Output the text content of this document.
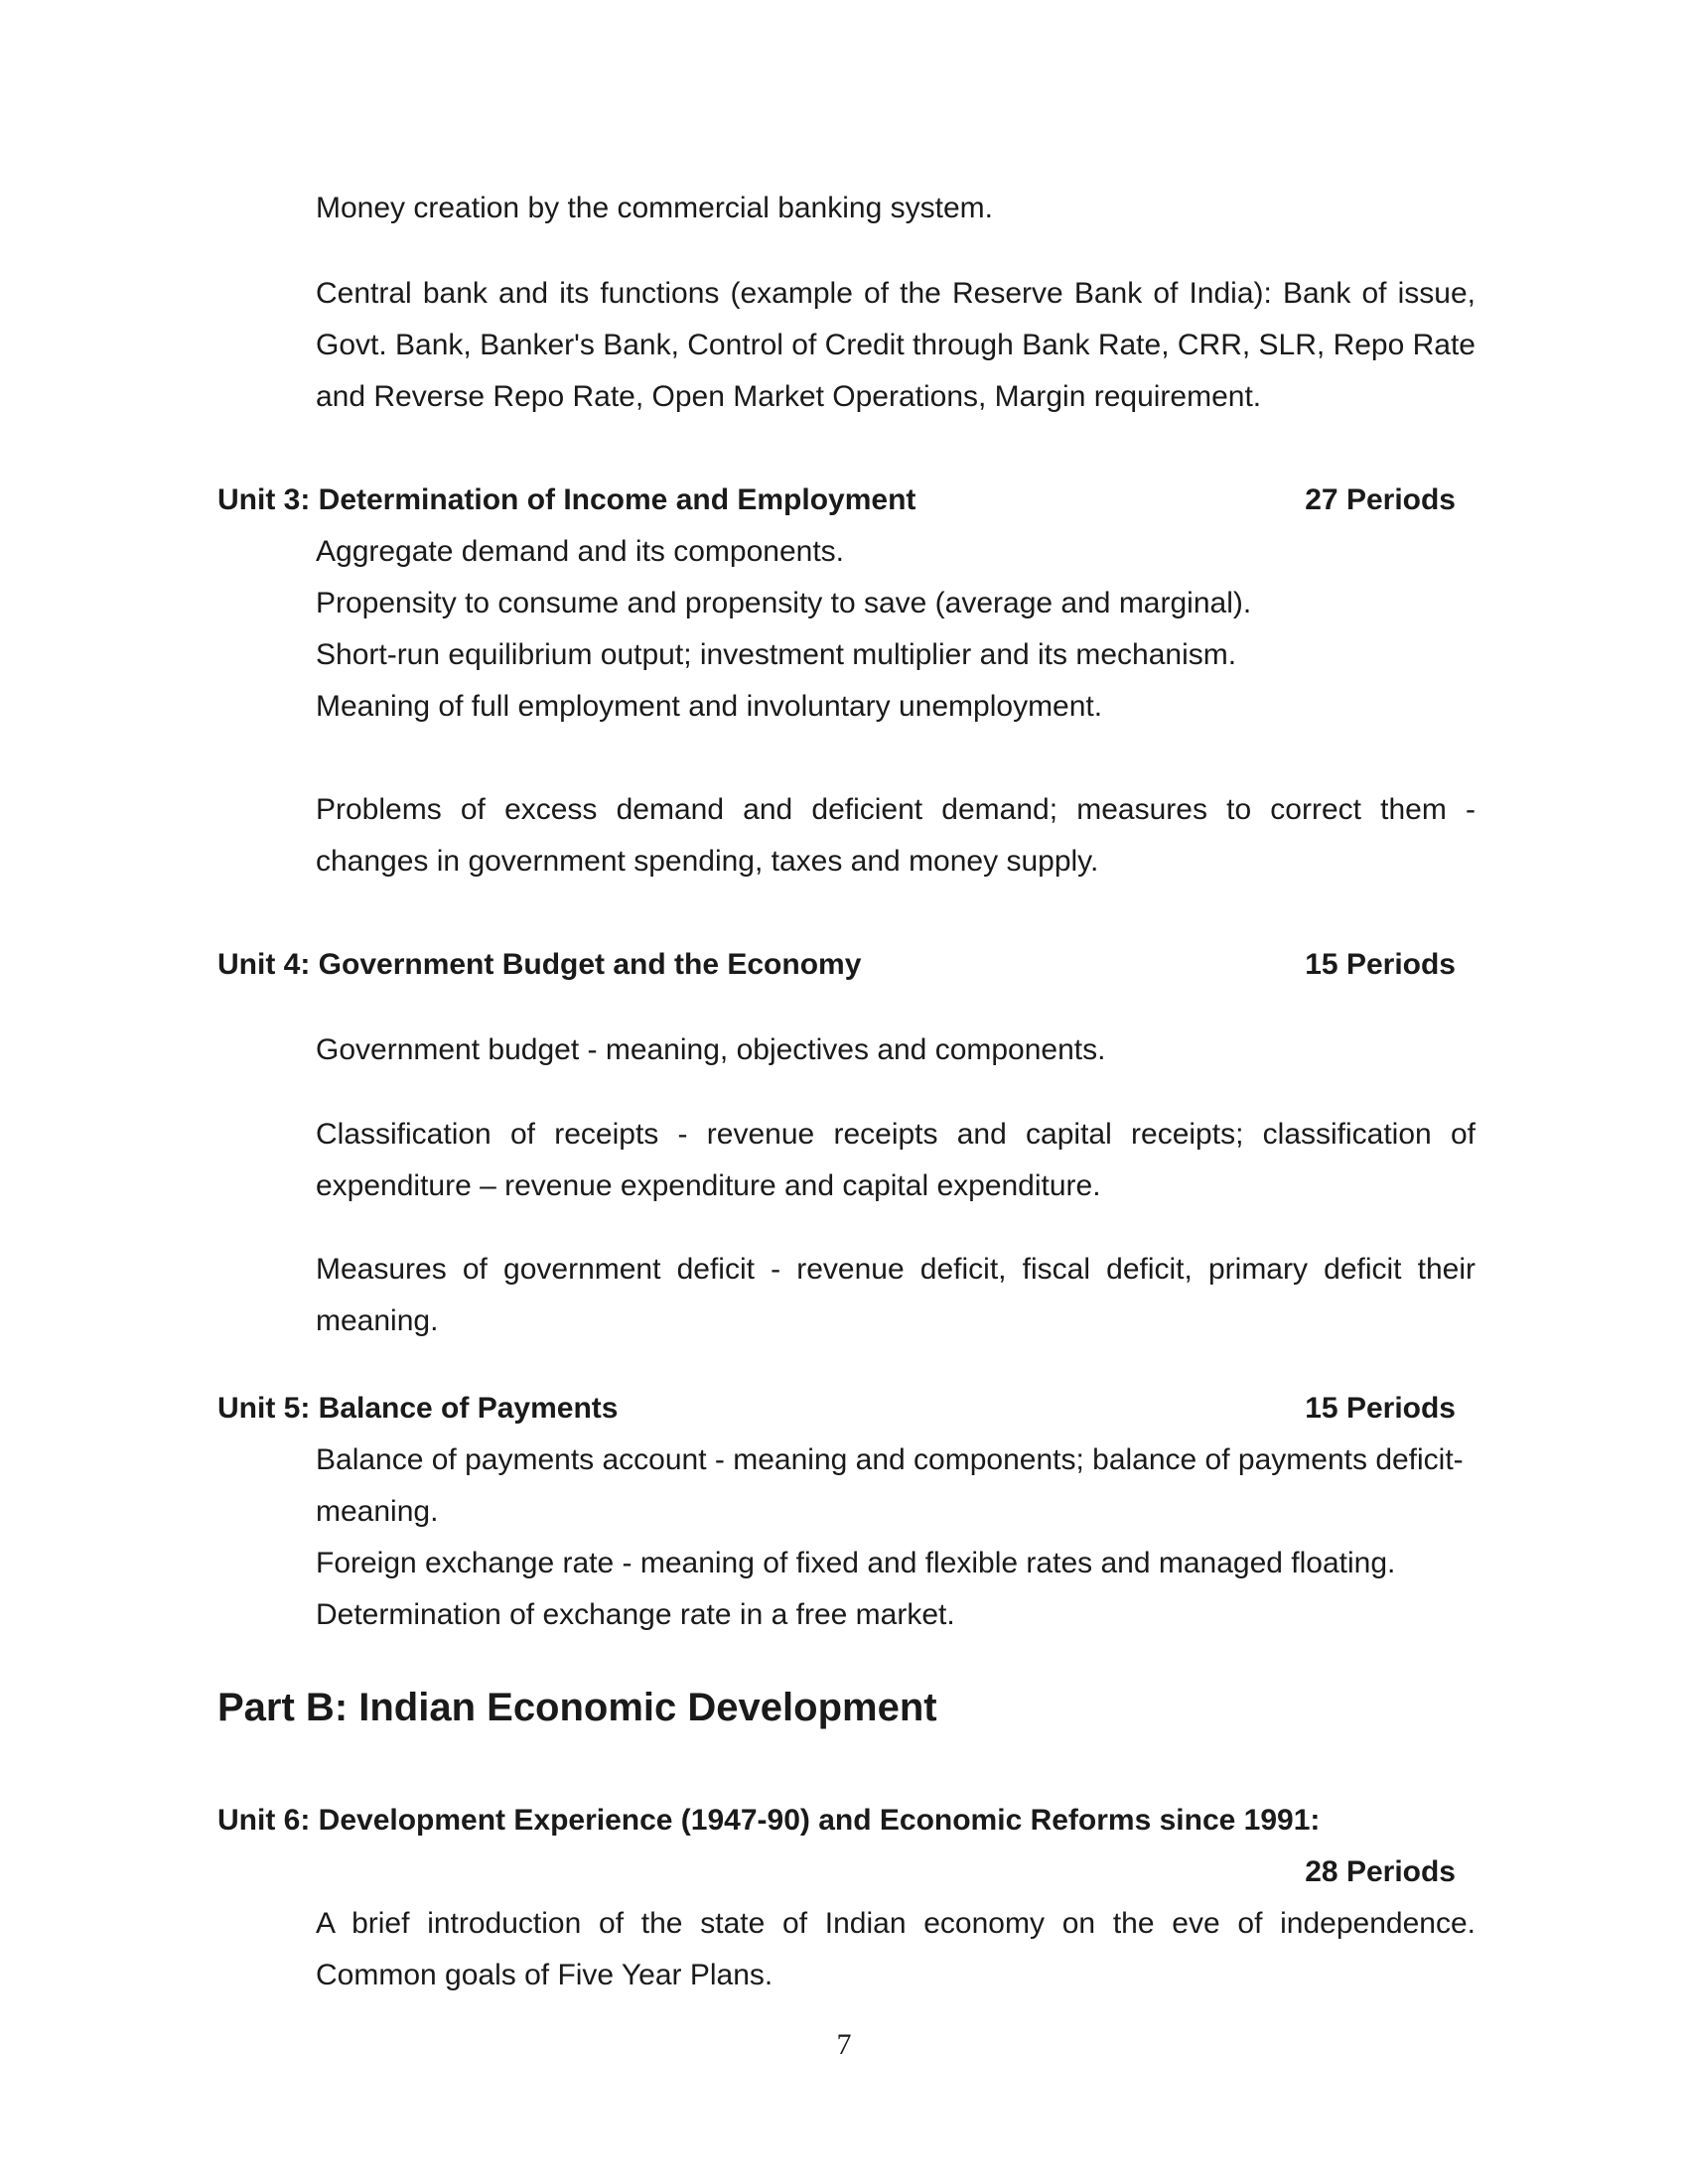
Money creation by the commercial banking system.

Central bank and its functions (example of the Reserve Bank of India): Bank of issue, Govt. Bank, Banker's Bank, Control of Credit through Bank Rate, CRR, SLR, Repo Rate and Reverse Repo Rate, Open Market Operations, Margin requirement.

Unit 3: Determination of Income and Employment	27 Periods

Aggregate demand and its components.

Propensity to consume and propensity to save (average and marginal).

Short-run equilibrium output; investment multiplier and its mechanism.

Meaning of full employment and involuntary unemployment.

Problems of excess demand and deficient demand; measures to correct them - changes in government spending, taxes and money supply.

Unit 4: Government Budget and the Economy	15 Periods

Government budget - meaning, objectives and components.

Classification of receipts - revenue receipts and capital receipts; classification of expenditure – revenue expenditure and capital expenditure.

Measures of government deficit - revenue deficit, fiscal deficit, primary deficit their meaning.

Unit 5: Balance of Payments	15 Periods

Balance of payments account - meaning and components; balance of payments deficit-meaning.

Foreign exchange rate - meaning of fixed and flexible rates and managed floating.

Determination of exchange rate in a free market.

Part B: Indian Economic Development
Unit 6: Development Experience (1947-90) and Economic Reforms since 1991:
28 Periods

A brief introduction of the state of Indian economy on the eve of independence. Common goals of Five Year Plans.

7
